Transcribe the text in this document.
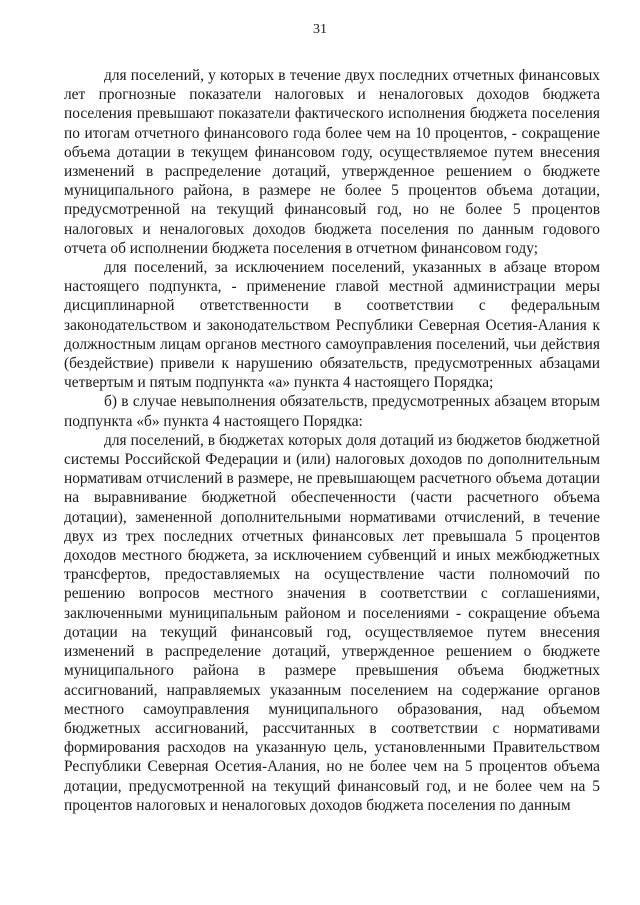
31

для поселений, у которых в течение двух последних отчетных финансовых лет прогнозные показатели налоговых и неналоговых доходов бюджета поселения превышают показатели фактического исполнения бюджета поселения по итогам отчетного финансового года более чем на 10 процентов, - сокращение объема дотации в текущем финансовом году, осуществляемое путем внесения изменений в распределение дотаций, утвержденное решением о бюджете муниципального района, в размере не более 5 процентов объема дотации, предусмотренной на текущий финансовый год, но не более 5 процентов налоговых и неналоговых доходов бюджета поселения по данным годового отчета об исполнении бюджета поселения в отчетном финансовом году;

для поселений, за исключением поселений, указанных в абзаце втором настоящего подпункта, - применение главой местной администрации меры дисциплинарной ответственности в соответствии с федеральным законодательством и законодательством Республики Северная Осетия-Алания к должностным лицам органов местного самоуправления поселений, чьи действия (бездействие) привели к нарушению обязательств, предусмотренных абзацами четвертым и пятым подпункта «а» пункта 4 настоящего Порядка;

б) в случае невыполнения обязательств, предусмотренных абзацем вторым подпункта «б» пункта 4 настоящего Порядка:

для поселений, в бюджетах которых доля дотаций из бюджетов бюджетной системы Российской Федерации и (или) налоговых доходов по дополнительным нормативам отчислений в размере, не превышающем расчетного объема дотации на выравнивание бюджетной обеспеченности (части расчетного объема дотации), замененной дополнительными нормативами отчислений, в течение двух из трех последних отчетных финансовых лет превышала 5 процентов доходов местного бюджета, за исключением субвенций и иных межбюджетных трансфертов, предоставляемых на осуществление части полномочий по решению вопросов местного значения в соответствии с соглашениями, заключенными муниципальным районом и поселениями - сокращение объема дотации на текущий финансовый год, осуществляемое путем внесения изменений в распределение дотаций, утвержденное решением о бюджете муниципального района в размере превышения объема бюджетных ассигнований, направляемых указанным поселением на содержание органов местного самоуправления муниципального образования, над объемом бюджетных ассигнований, рассчитанных в соответствии с нормативами формирования расходов на указанную цель, установленными Правительством Республики Северная Осетия-Алания, но не более чем на 5 процентов объема дотации, предусмотренной на текущий финансовый год, и не более чем на 5 процентов налоговых и неналоговых доходов бюджета поселения по данным
